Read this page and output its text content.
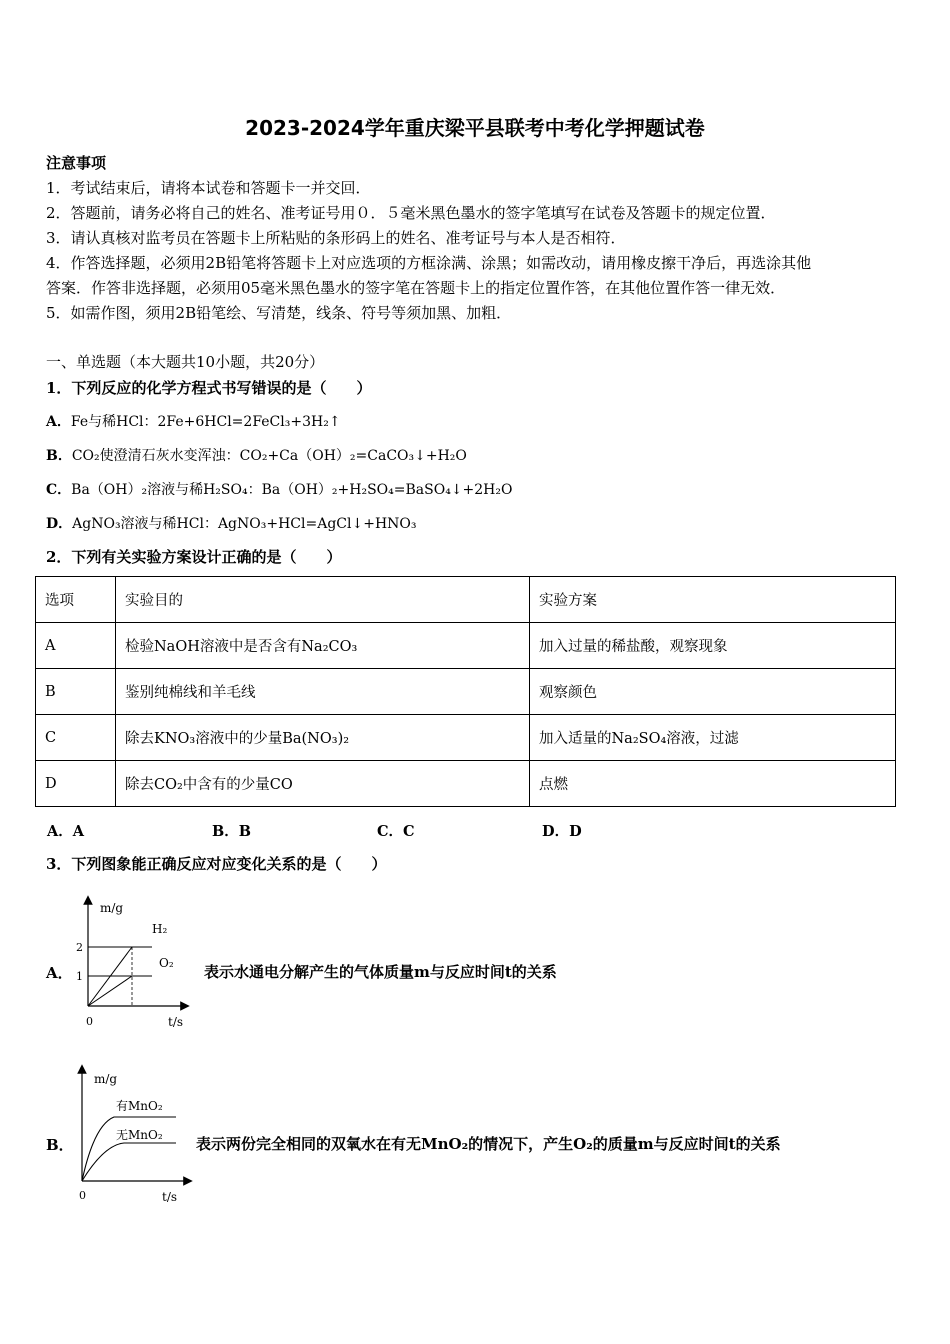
2023-2024学年重庆梁平县联考中考化学押题试卷
注意事项
1．考试结束后，请将本试卷和答题卡一并交回．
2．答题前，请务必将自己的姓名、准考证号用０．５毫米黑色墨水的签字笔填写在试卷及答题卡的规定位置．
3．请认真核对监考员在答题卡上所粘贴的条形码上的姓名、准考证号与本人是否相符．
4．作答选择题，必须用2B铅笔将答题卡上对应选项的方框涂满、涂黑；如需改动，请用橡皮擦干净后，再选涂其他
答案．作答非选择题，必须用05毫米黑色墨水的签字笔在答题卡上的指定位置作答，在其他位置作答一律无效．
5．如需作图，须用2B铅笔绘、写清楚，线条、符号等须加黑、加粗．
一、单选题（本大题共10小题，共20分）
1．下列反应的化学方程式书写错误的是（　　）
A．Fe与稀HCl：2Fe+6HCl=2FeCl₃+3H₂↑
B．CO₂使澄清石灰水变浑浊：CO₂+Ca（OH）₂=CaCO₃↓+H₂O
C．Ba（OH）₂溶液与稀H₂SO₄：Ba（OH）₂+H₂SO₄=BaSO₄↓+2H₂O
D．AgNO₃溶液与稀HCl：AgNO₃+HCl=AgCl↓+HNO₃
2．下列有关实验方案设计正确的是（　　）
选项	实验目的	实验方案
A	检验NaOH溶液中是否含有Na₂CO₃	加入过量的稀盐酸，观察现象
B	鉴别纯棉线和羊毛线	观察颜色
C	除去KNO₃溶液中的少量Ba(NO₃)₂	加入适量的Na₂SO₄溶液，过滤
D	除去CO₂中含有的少量CO	点燃
A．A	B．B	C．C	D．D
3．下列图象能正确反应对应变化关系的是（　　）
A．
m/g
2
1
0	t/s
H₂
O₂ 表示水通电分解产生的气体质量m与反应时间t的关系
B．
m/g
有MnO₂
无MnO₂
0	t/s
表示两份完全相同的双氧水在有无MnO₂的情况下，产生O₂的质量m与反应时间t的关系
